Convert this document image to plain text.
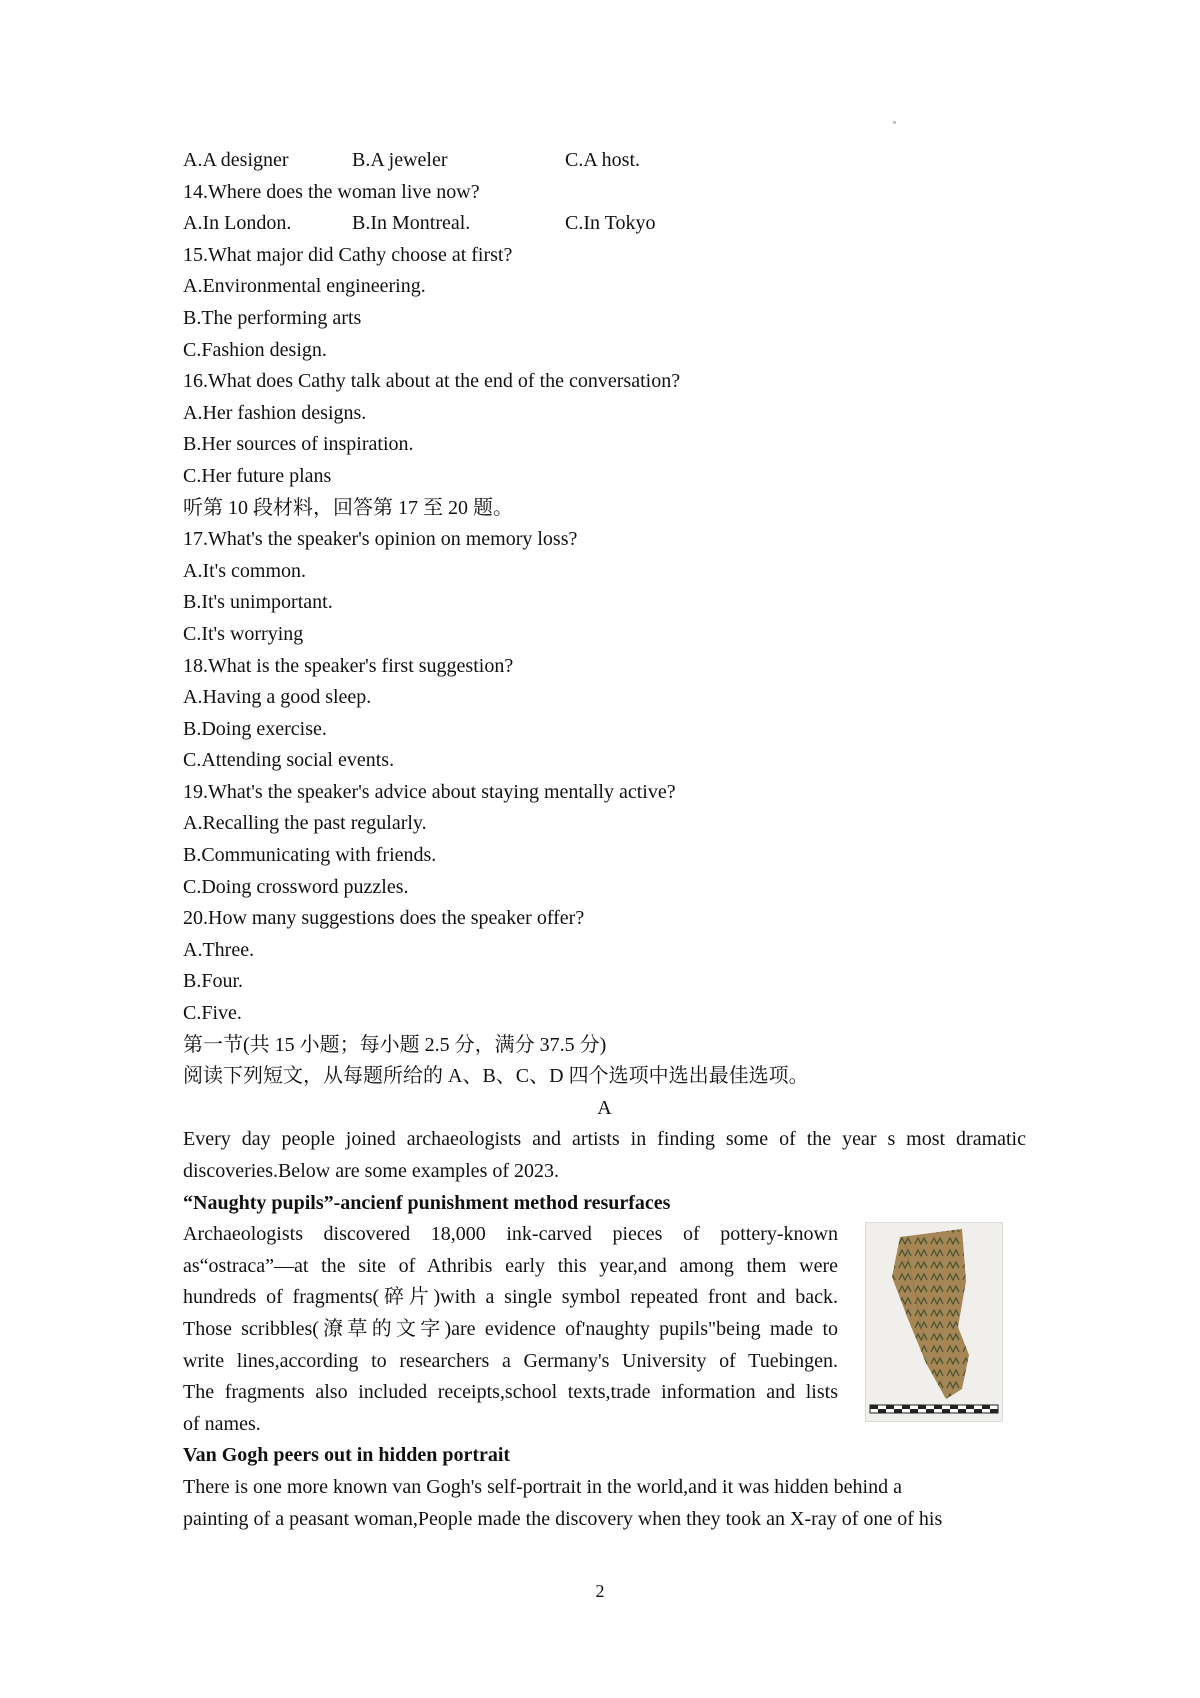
A.A designer	B.A jeweler	C.A host.
14.Where does the woman live now?
A.In London.	B.In Montreal.	C.In Tokyo
15.What major did Cathy choose at first?
A.Environmental engineering.
B.The performing arts
C.Fashion design.
16.What does Cathy talk about at the end of the conversation?
A.Her fashion designs.
B.Her sources of inspiration.
C.Her future plans
听第 10 段材料，回答第 17 至 20 题。
17.What's the speaker's opinion on memory loss?
A.It's common.
B.It's unimportant.
C.It's worrying
18.What is the speaker's first suggestion?
A.Having a good sleep.
B.Doing exercise.
C.Attending social events.
19.What's the speaker's advice about staying mentally active?
A.Recalling the past regularly.
B.Communicating with friends.
C.Doing crossword puzzles.
20.How many suggestions does the speaker offer?
A.Three.
B.Four.
C.Five.
第一节(共 15 小题；每小题 2.5 分，满分 37.5 分)
阅读下列短文，从每题所给的 A、B、C、D 四个选项中选出最佳选项。
A
Every day people joined archaeologists and artists in finding some of the year s most dramatic discoveries.Below are some examples of 2023.
“Naughty pupils”-ancienf punishment method resurfaces
Archaeologists discovered 18,000 ink-carved pieces of pottery-known
as“ostraca”—at the site of Athribis early this year,and among them were
hundreds of fragments(碎片)with a single symbol repeated front and back.
Those scribbles(潦草的文字)are evidence of'naughty pupils"being made to
write lines,according to researchers a Germany's University of Tuebingen.
The fragments also included receipts,school texts,trade information and lists
of names.
Van Gogh peers out in hidden portrait
There is one more known van Gogh's self-portrait in the world,and it was hidden behind a
painting of a peasant woman,People made the discovery when they took an X-ray of one of his
2
